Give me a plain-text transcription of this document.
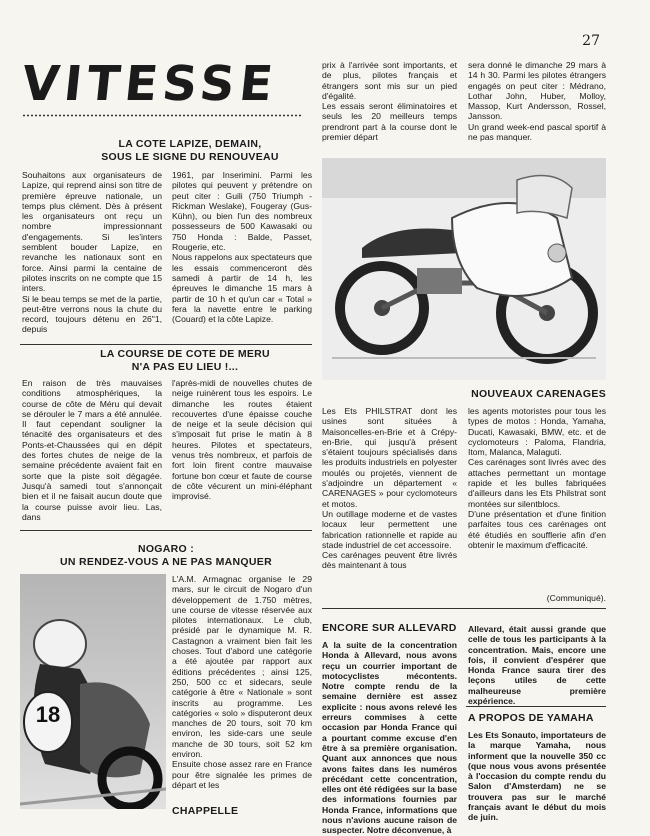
27
VITESSE
LA COTE LAPIZE, DEMAIN,
SOUS LE SIGNE DU RENOUVEAU
Souhaitons aux organisateurs de Lapize, qui reprend ainsi son titre de première épreuve nationale, un temps plus clément. Dès à présent les organisateurs ont reçu un nombre impressionnant d'engagements. Si les'inters semblent bouder Lapize, en revanche les nationaux sont en force. Ainsi parmi la centaine de pilotes inscrits on ne compte que 15 inters.
Si le beau temps se met de la partie, peut-être verrons nous la chute du record, toujours détenu en 26"1, depuis
1961, par Inserimini. Parmi les pilotes qui peuvent y prétendre on peut citer : Guili (750 Triumph - Rickman Weslake), Fougeray (Gus-Kühn), ou bien l'un des nombreux possesseurs de 500 Kawasaki ou 750 Honda : Balde, Passet, Rougerie, etc.
Nous rappelons aux spectateurs que les essais commenceront dès samedi à partir de 14 h, les épreuves le dimanche 15 mars à partir de 10 h et qu'un car « Total » fera la navette entre le parking (Couard) et la côte Lapize.
prix à l'arrivée sont importants, et de plus, pilotes français et étrangers sont mis sur un pied d'égalité.
Les essais seront éliminatoires et seuls les 20 meilleurs temps prendront part à la course dont le premier départ
sera donné le dimanche 29 mars à 14 h 30. Parmi les pilotes étrangers engagés on peut citer : Médrano, Lothar John, Huber, Molloy, Massop, Kurt Andersson, Rossel, Jansson.
Un grand week-end pascal sportif à ne pas manquer.
LA COURSE DE COTE DE MERU
N'A PAS EU LIEU !...
En raison de très mauvaises conditions atmosphériques, la course de côte de Méru qui devait se dérouler le 7 mars a été annulée. Il faut cependant souligner la ténacité des organisateurs et des Ponts-et-Chaussées qui en dépit des fortes chutes de neige de la semaine précédente avaient fait en sorte que la piste soit dégagée. Jusqu'à samedi tout s'annonçait bien et il ne faisait aucun doute que la course puisse avoir lieu. Las, dans
l'après-midi de nouvelles chutes de neige ruinèrent tous les espoirs. Le dimanche les routes étaient recouvertes d'une épaisse couche de neige et la seule décision qui s'imposait fut prise le matin à 8 heures. Pilotes et spectateurs, venus très nombreux, et parfois de fort loin firent contre mauvaise fortune bon cœur et faute de course de côte vécurent un mini-éléphant improvisé.
NOUVEAUX CARENAGES
Les Ets PHILSTRAT dont les usines sont situées à Maisoncelles-en-Brie et à Crépy-en-Brie, qui jusqu'à présent s'étaient toujours spécialisés dans les produits industriels en polyester moulés ou projetés, viennent de s'adjoindre un département « CARENAGES » pour cyclomoteurs et motos.
Un outillage moderne et de vastes locaux leur permettent une fabrication rationnelle et rapide au stade industriel de cet accessoire.
Ces carénages peuvent être livrés dès maintenant à tous
les agents motoristes pour tous les types de motos : Honda, Yamaha, Ducati, Kawasaki, BMW, etc. et de cyclomoteurs : Paloma, Flandria, Itom, Malanca, Malaguti.
Ces carénages sont livrés avec des attaches permettant un montage rapide et les bulles fabriquées d'ailleurs dans les Ets Philstrat sont montées sur silentblocs.
D'une présentation et d'une finition parfaites tous ces carénages ont été étudiés en soufflerie afin d'en obtenir le maximum d'efficacité.
(Communiqué).
NOGARO :
UN RENDEZ-VOUS A NE PAS MANQUER
18
L'A.M. Armagnac organise le 29 mars, sur le circuit de Nogaro d'un développement de 1.750 mètres, une course de vitesse réservée aux pilotes internationaux. Le club, présidé par le dynamique M. R. Castagnon a vraiment bien fait les choses. Tout d'abord une catégorie a été ajoutée par rapport aux éditions précédentes ; ainsi 125, 250, 500 cc et sidecars, seule catégorie à être « Nationale » sont inscrits au programme. Les catégories « solo » disputeront deux manches de 20 tours, soit 70 km environ, les side-cars une seule manche de 30 tours, soit 52 km environ.
Ensuite chose assez rare en France pour être signalée les primes de départ et les
CHAPPELLE
ENCORE SUR ALLEVARD
A la suite de la concentration Honda à Allevard, nous avons reçu un courrier important de motocyclistes mécontents. Notre compte rendu de la semaine dernière est assez explicite : nous avons relevé les erreurs commises à cette occasion par Honda France qui a pourtant comme excuse d'en être à sa première organisation. Quant aux annonces que nous avons faites dans les numéros précédant cette concentration, elles ont été rédigées sur la base des informations fournies par Honda France, informations que nous n'avions aucune raison de suspecter. Notre déconvenue, à
Allevard, était aussi grande que celle de tous les participants à la concentration. Mais, encore une fois, il convient d'espérer que Honda France saura tirer des leçons utiles de cette malheureuse première expérience.
A PROPOS DE YAMAHA
Les Ets Sonauto, importateurs de la marque Yamaha, nous informent que la nouvelle 350 cc (que nous vous avons présentée à l'occasion du compte rendu du Salon d'Amsterdam) ne se trouvera pas sur le marché français avant le début du mois de juin.
